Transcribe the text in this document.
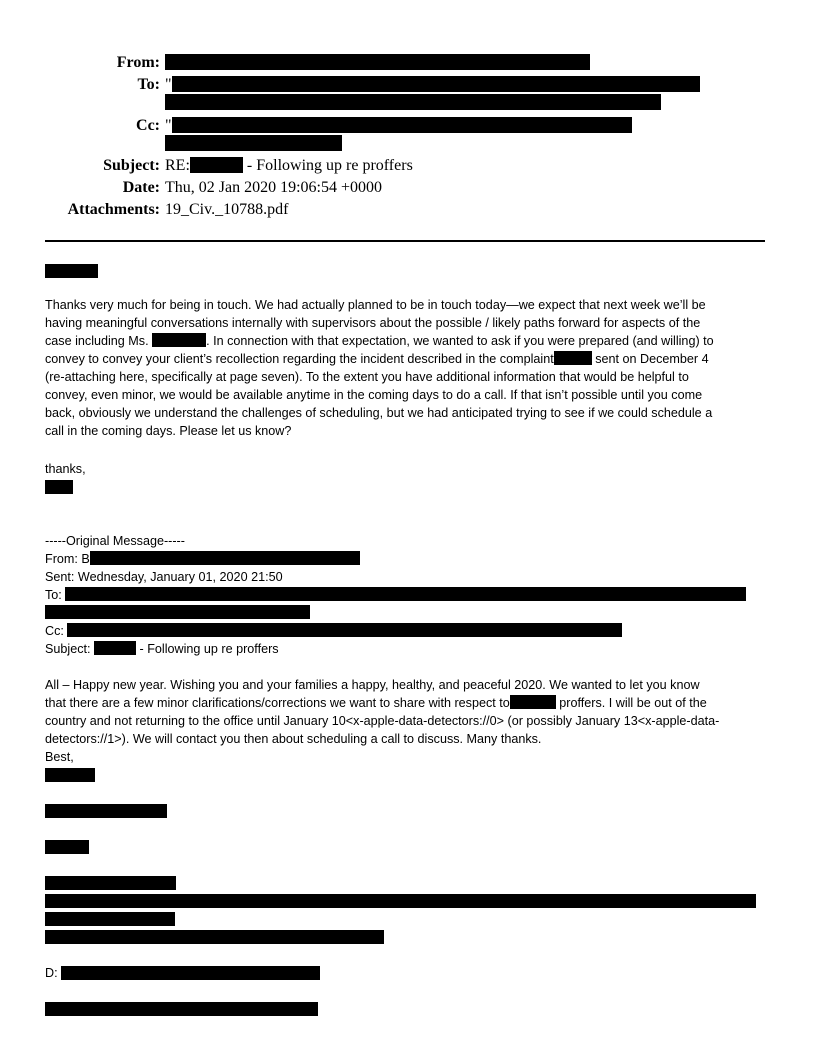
From:
To: "
Cc: "
Subject: RE:	- Following up re proffers
Date: Thu, 02 Jan 2020 19:06:54 +0000
Attachments: 19_Civ._10788.pdf
Thanks very much for being in touch. We had actually planned to be in touch today—we expect that next week we’ll be
having meaningful conversations internally with supervisors about the possible / likely paths forward for aspects of the
case including Ms.	. In connection with that expectation, we wanted to ask if you were prepared (and willing) to
convey to convey your client’s recollection regarding the incident described in the complaint	sent on December 4
(re-attaching here, specifically at page seven). To the extent you have additional information that would be helpful to
convey, even minor, we would be available anytime in the coming days to do a call. If that isn’t possible until you come
back, obviously we understand the challenges of scheduling, but we had anticipated trying to see if we could schedule a
call in the coming days. Please let us know?
thanks,
-----Original Message-----
From: B
Sent: Wednesday, January 01, 2020 21:50
To:
Cc:
Subject:	- Following up re proffers
All – Happy new year. Wishing you and your families a happy, healthy, and peaceful 2020. We wanted to let you know
that there are a few minor clarifications/corrections we want to share with respect to	proffers. I will be out of the
country and not returning to the office until January 10<x-apple-data-detectors://0> (or possibly January 13<x-apple-data-
detectors://1>). We will contact you then about scheduling a call to discuss. Many thanks.
Best,
D:
